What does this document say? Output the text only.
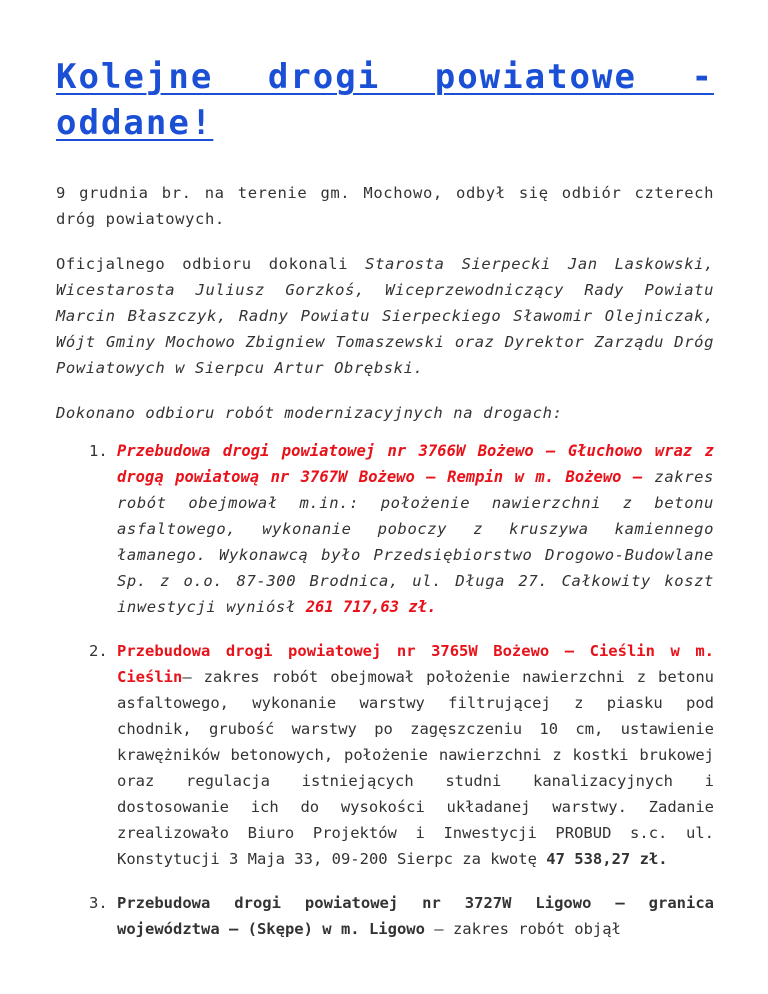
Kolejne drogi powiatowe - oddane!

9 grudnia br. na terenie gm. Mochowo, odbył się odbiór czterech dróg powiatowych.

Oficjalnego odbioru dokonali Starosta Sierpecki Jan Laskowski, Wicestarosta Juliusz Gorzkoś, Wiceprzewodniczący Rady Powiatu Marcin Błaszczyk, Radny Powiatu Sierpeckiego Sławomir Olejniczak, Wójt Gminy Mochowo Zbigniew Tomaszewski oraz Dyrektor Zarządu Dróg Powiatowych w Sierpcu Artur Obrębski.

Dokonano odbioru robót modernizacyjnych na drogach:

1. Przebudowa drogi powiatowej nr 3766W Bożewo – Głuchowo wraz z drogą powiatową nr 3767W Bożewo – Rempin w m. Bożewo – zakres robót obejmował m.in.: położenie nawierzchni z betonu asfaltowego, wykonanie poboczy z kruszywa kamiennego łamanego. Wykonawcą było Przedsiębiorstwo Drogowo-Budowlane Sp. z o.o. 87-300 Brodnica, ul. Długa 27. Całkowity koszt inwestycji wyniósł 261 717,63 zł.
2. Przebudowa drogi powiatowej nr 3765W Bożewo – Cieślin w m. Cieślin– zakres robót obejmował położenie nawierzchni z betonu asfaltowego, wykonanie warstwy filtrującej z piasku pod chodnik, grubość warstwy po zagęszczeniu 10 cm, ustawienie krawężników betonowych, położenie nawierzchni z kostki brukowej oraz regulacja istniejących studni kanalizacyjnych i dostosowanie ich do wysokości układanej warstwy. Zadanie zrealizowało Biuro Projektów i Inwestycji PROBUD s.c. ul. Konstytucji 3 Maja 33, 09-200 Sierpc za kwotę 47 538,27 zł.
3. Przebudowa drogi powiatowej nr 3727W Ligowo – granica województwa – (Skępe) w m. Ligowo – zakres robót objął
